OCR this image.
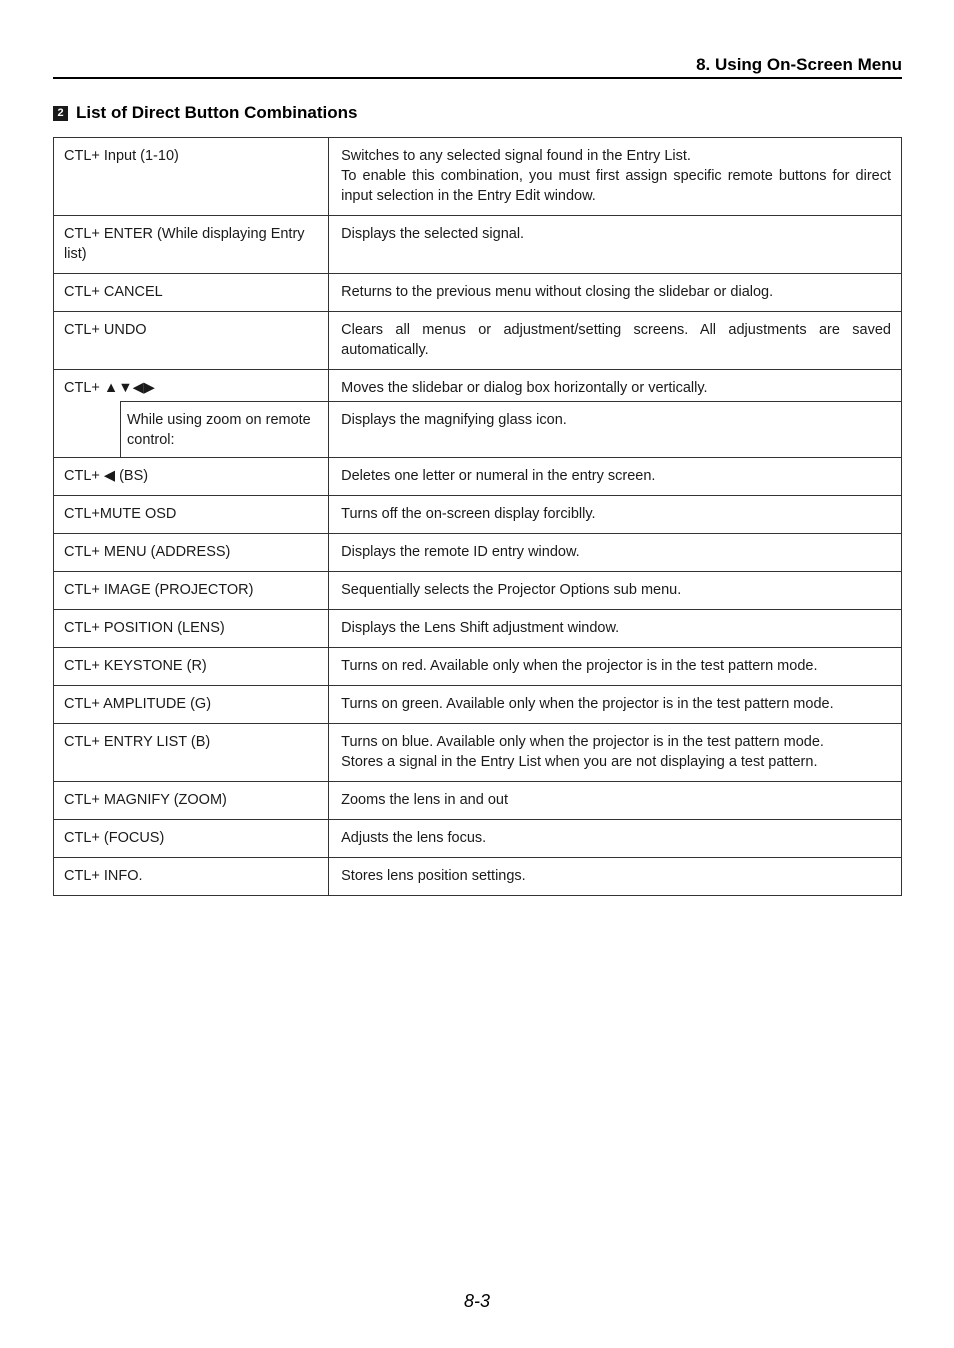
8. Using On-Screen Menu
2 List of Direct Button Combinations
CTL+ Input (1-10)		Switches to any selected signal found in the Entry List.
To enable this combination, you must first assign specific remote buttons for direct input selection in the Entry Edit window.

CTL+ ENTER (While displaying Entry list)		Displays the selected signal.

CTL+ CANCEL		Returns to the previous menu without closing the slidebar or dialog.

CTL+ UNDO		Clears all menus or adjustment/setting screens. All adjustments are saved automatically.

CTL+ ▲▼◀▶		Moves the slidebar or dialog box horizontally or vertically.
	While using zoom on remote control:	Displays the magnifying glass icon.
CTL+ ◀ (BS)		Deletes one letter or numeral in the entry screen.

CTL+MUTE OSD		Turns off the on-screen display forciblly.

CTL+ MENU (ADDRESS)		Displays the remote ID entry window.

CTL+ IMAGE (PROJECTOR)		Sequentially selects the Projector Options sub menu.

CTL+ POSITION (LENS)		Displays the Lens Shift adjustment window.

CTL+ KEYSTONE (R)		Turns on red. Available only when the projector is in the test pattern mode.

CTL+ AMPLITUDE (G)		Turns on green. Available only when the projector is in the test pattern mode.

CTL+ ENTRY LIST (B)		Turns on blue. Available only when the projector is in the test pattern mode.
Stores a signal in the Entry List when you are not displaying a test pattern.

CTL+ MAGNIFY (ZOOM)		Zooms the lens in and out

CTL+ (FOCUS)		Adjusts the lens focus.

CTL+ INFO.		Stores lens position settings.
8-3
